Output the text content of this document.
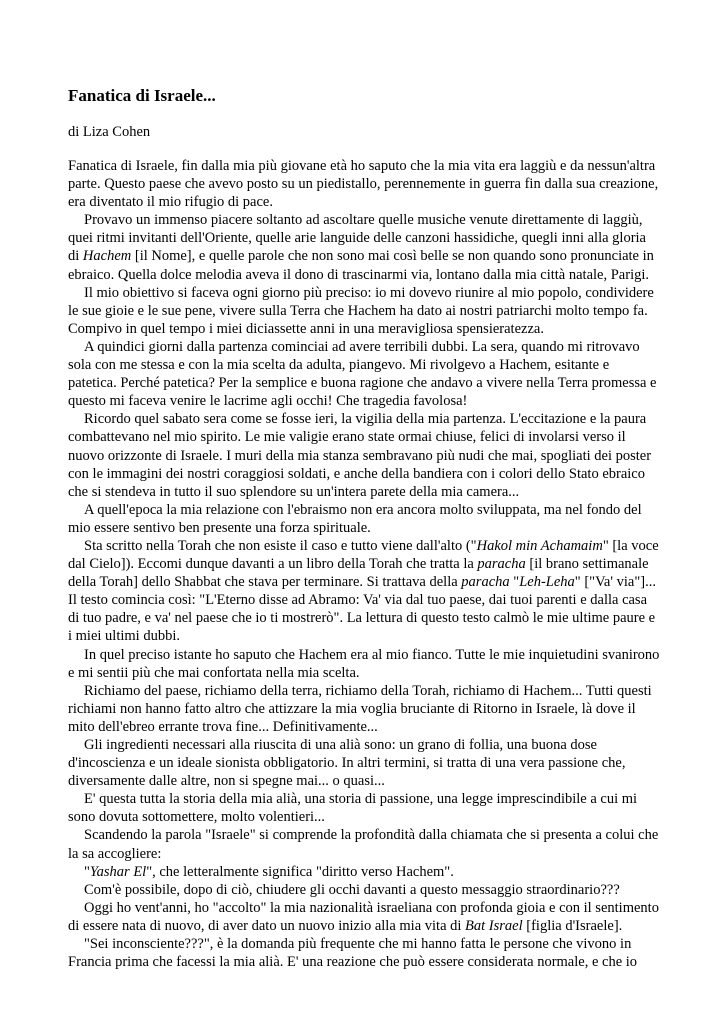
Fanatica di Israele...
di Liza Cohen

Fanatica di Israele, fin dalla mia più giovane età ho saputo che la mia vita era laggiù e da nessun'altra parte. Questo paese che avevo posto su un piedistallo, perennemente in guerra fin dalla sua creazione, era diventato il mio rifugio di pace.

Provavo un immenso piacere soltanto ad ascoltare quelle musiche venute direttamente di laggiù, quei ritmi invitanti dell'Oriente, quelle arie languide delle canzoni hassidiche, quegli inni alla gloria di Hachem [il Nome], e quelle parole che non sono mai così belle se non quando sono pronunciate in ebraico. Quella dolce melodia aveva il dono di trascinarmi via, lontano dalla mia città natale, Parigi.

Il mio obiettivo si faceva ogni giorno più preciso: io mi dovevo riunire al mio popolo, condividere le sue gioie e le sue pene, vivere sulla Terra che Hachem ha dato ai nostri patriarchi molto tempo fa. Compivo in quel tempo i miei diciassette anni in una meravigliosa spensieratezza.

A quindici giorni dalla partenza cominciai ad avere terribili dubbi. La sera, quando mi ritrovavo sola con me stessa e con la mia scelta da adulta, piangevo. Mi rivolgevo a Hachem, esitante e patetica. Perché patetica? Per la semplice e buona ragione che andavo a vivere nella Terra promessa e questo mi faceva venire le lacrime agli occhi! Che tragedia favolosa!

Ricordo quel sabato sera come se fosse ieri, la vigilia della mia partenza. L'eccitazione e la paura combattevano nel mio spirito. Le mie valigie erano state ormai chiuse, felici di involarsi verso il nuovo orizzonte di Israele. I muri della mia stanza sembravano più nudi che mai, spogliati dei poster con le immagini dei nostri coraggiosi soldati, e anche della bandiera con i colori dello Stato ebraico che si stendeva in tutto il suo splendore su un'intera parete della mia camera...

A quell'epoca la mia relazione con l'ebraismo non era ancora molto sviluppata, ma nel fondo del mio essere sentivo ben presente una forza spirituale.

Sta scritto nella Torah che non esiste il caso e tutto viene dall'alto ("Hakol min Achamaim" [la voce dal Cielo]). Eccomi dunque davanti a un libro della Torah che tratta la paracha [il brano settimanale della Torah] dello Shabbat che stava per terminare. Si trattava della paracha "Leh-Leha" ["Va' via"]... Il testo comincia così: "L'Eterno disse ad Abramo: Va' via dal tuo paese, dai tuoi parenti e dalla casa di tuo padre, e va' nel paese che io ti mostrerò". La lettura di questo testo calmò le mie ultime paure e i miei ultimi dubbi.

In quel preciso istante ho saputo che Hachem era al mio fianco. Tutte le mie inquietudini svanirono e mi sentii più che mai confortata nella mia scelta.

Richiamo del paese, richiamo della terra, richiamo della Torah, richiamo di Hachem... Tutti questi richiami non hanno fatto altro che attizzare la mia voglia bruciante di Ritorno in Israele, là dove il mito dell'ebreo errante trova fine... Definitivamente...

Gli ingredienti necessari alla riuscita di una alià sono: un grano di follia, una buona dose d'incoscienza e un ideale sionista obbligatorio. In altri termini, si tratta di una vera passione che, diversamente dalle altre, non si spegne mai... o quasi...

E' questa tutta la storia della mia alià, una storia di passione, una legge imprescindibile a cui mi sono dovuta sottomettere, molto volentieri...

Scandendo la parola "Israele" si comprende la profondità dalla chiamata che si presenta a colui che la sa accogliere:

"Yashar El", che letteralmente significa "diritto verso Hachem".

Com'è possibile, dopo di ciò, chiudere gli occhi davanti a questo messaggio straordinario???

Oggi ho vent'anni, ho "accolto" la mia nazionalità israeliana con profonda gioia e con il sentimento di essere nata di nuovo, di aver dato un nuovo inizio alla mia vita di Bat Israel [figlia d'Israele].

"Sei inconsciente???", è la domanda più frequente che mi hanno fatta le persone che vivono in Francia prima che facessi la mia alià. E' una reazione che può essere considerata normale, e che io
